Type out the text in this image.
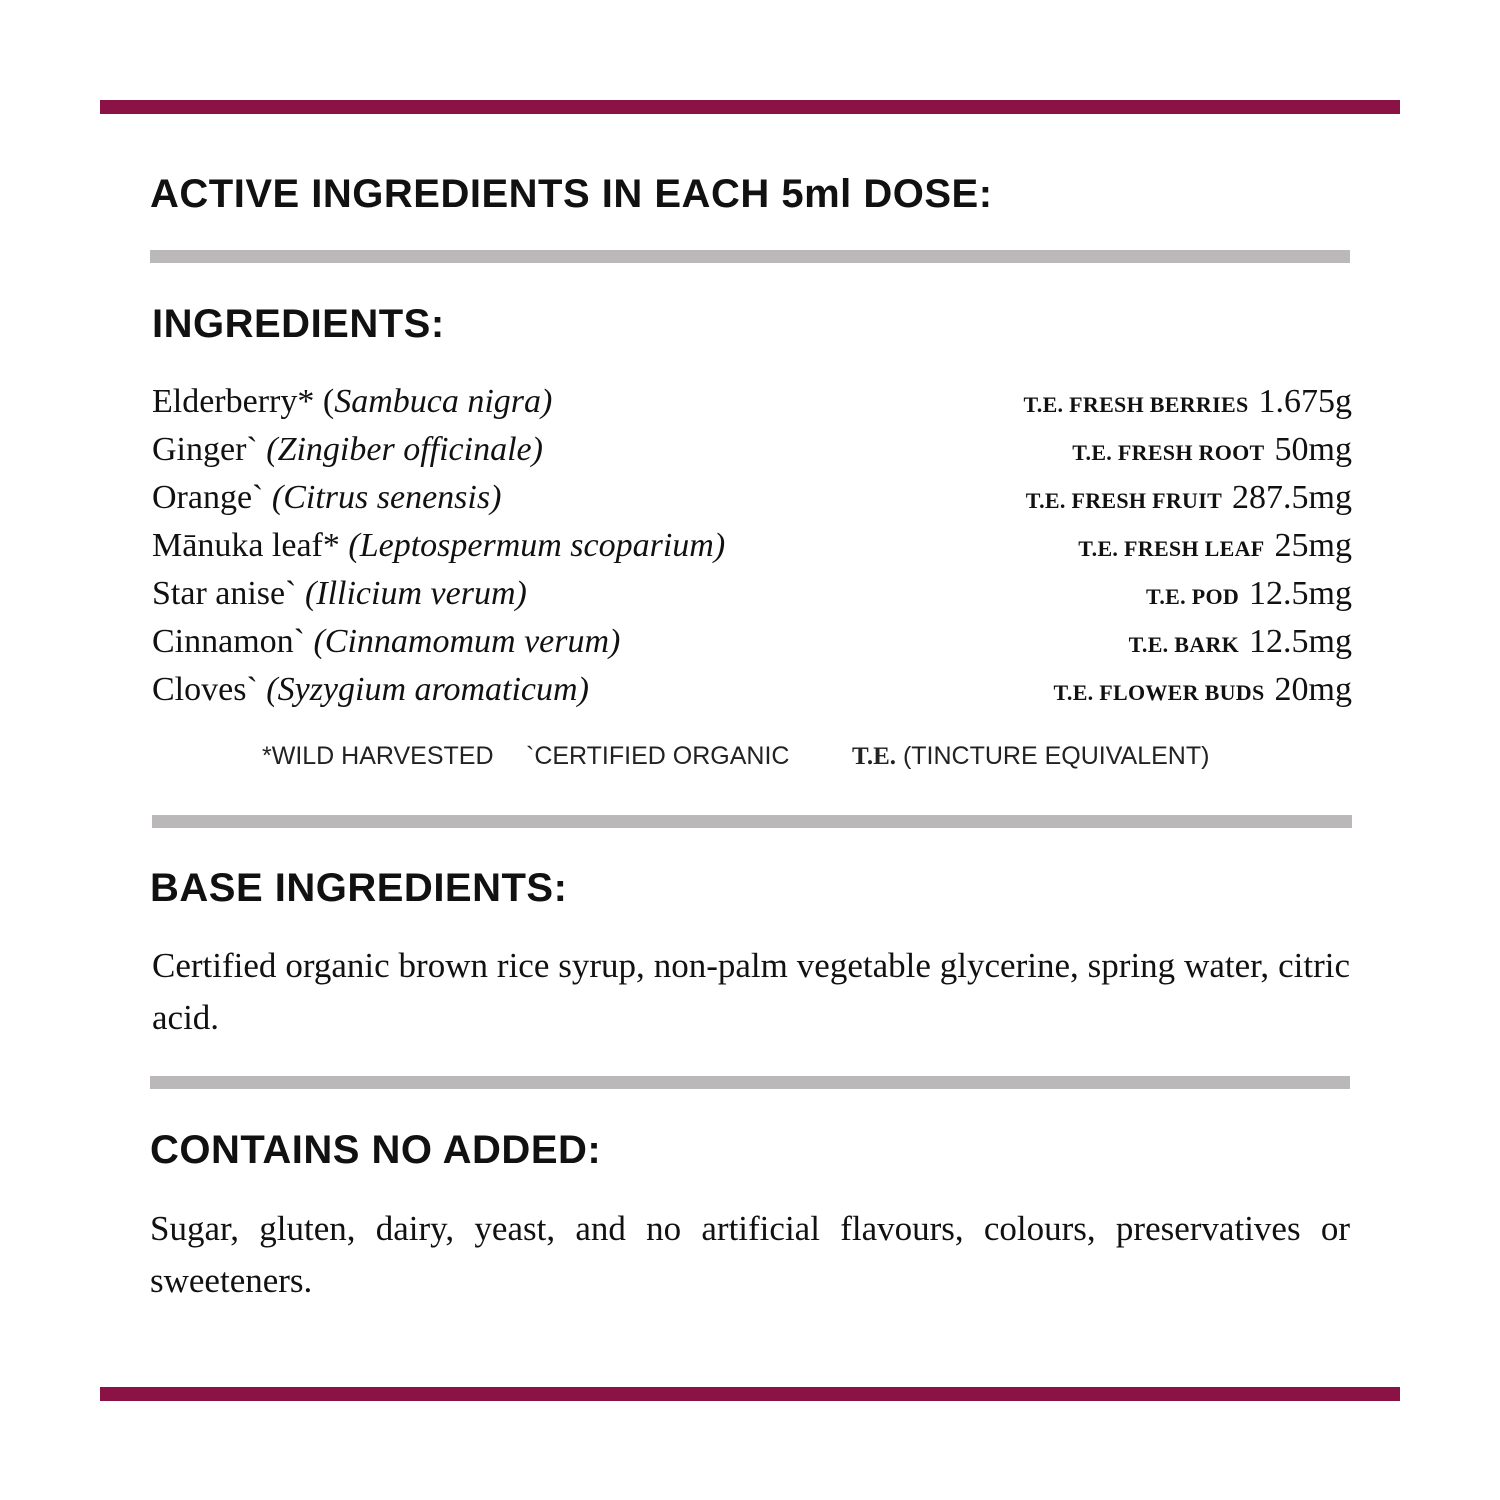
ACTIVE INGREDIENTS IN EACH 5ml DOSE:
INGREDIENTS:
Elderberry* (Sambuca nigra)	T.E. FRESH BERRIES 1.675g
Ginger` (Zingiber officinale)	T.E. FRESH ROOT 50mg
Orange` (Citrus senensis)	T.E. FRESH FRUIT 287.5mg
Mānuka leaf* (Leptospermum scoparium)	T.E. FRESH LEAF 25mg
Star anise` (Illicium verum)	T.E. POD 12.5mg
Cinnamon` (Cinnamomum verum)	T.E. BARK 12.5mg
Cloves` (Syzygium aromaticum)	T.E. FLOWER BUDS 20mg
*WILD HARVESTED `CERTIFIED ORGANIC	T.E. (TINCTURE EQUIVALENT)
BASE INGREDIENTS:

Certified organic brown rice syrup, non-palm vegetable glycerine, spring water, citric acid.

CONTAINS NO ADDED:

Sugar, gluten, dairy, yeast, and no artificial flavours, colours, preservatives or sweeteners.
